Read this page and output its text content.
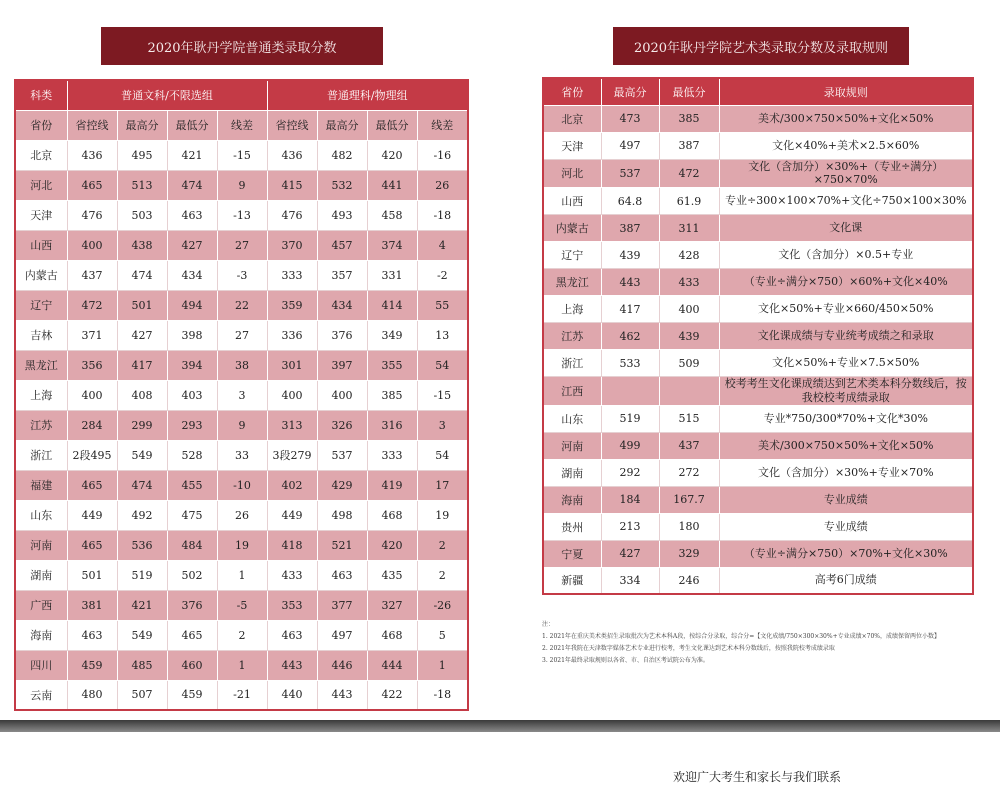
2020年耿丹学院普通类录取分数	2020年耿丹学院艺术类录取分数及录取规则
科类	普通文科/不限选组				普通理科/物理组			
省份	省控线	最高分	最低分	线差	省控线	最高分	最低分	线差
北京	436	495	421	-15	436	482	420	-16
河北	465	513	474	9	415	532	441	26
天津	476	503	463	-13	476	493	458	-18
山西	400	438	427	27	370	457	374	4
内蒙古	437	474	434	-3	333	357	331	-2
辽宁	472	501	494	22	359	434	414	55
吉林	371	427	398	27	336	376	349	13
黑龙江	356	417	394	38	301	397	355	54
上海	400	408	403	3	400	400	385	-15
江苏	284	299	293	9	313	326	316	3
浙江	2段495	549	528	33	3段279	537	333	54
福建	465	474	455	-10	402	429	419	17
山东	449	492	475	26	449	498	468	19
河南	465	536	484	19	418	521	420	2
湖南	501	519	502	1	433	463	435	2
广西	381	421	376	-5	353	377	327	-26
海南	463	549	465	2	463	497	468	5
四川	459	485	460	1	443	446	444	1
云南	480	507	459	-21	440	443	422	-18
省份	最高分	最低分	录取规则
北京	473	385	美术/300×750×50%+文化×50%
天津	497	387	文化×40%+美术×2.5×60%
河北	537	472	文化（含加分）×30%+（专业÷满分）×750×70%
山西	64.8	61.9	专业÷300×100×70%+文化÷750×100×30%
内蒙古	387	311	文化课
辽宁	439	428	文化（含加分）×0.5+专业
黑龙江	443	433	（专业÷满分×750）×60%+文化×40%
上海	417	400	文化×50%+专业×660/450×50%
江苏	462	439	文化课成绩与专业统考成绩之和录取
浙江	533	509	文化×50%+专业×7.5×50%
江西			校考考生文化课成绩达到艺术类本科分数线后，按我校校考成绩录取
山东	519	515	专业*750/300*70%+文化*30%
河南	499	437	美术/300×750×50%+文化×50%
湖南	292	272	文化（含加分）×30%+专业×70%
海南	184	167.7	专业成绩
贵州	213	180	专业成绩
宁夏	427	329	（专业÷满分×750）×70%+文化×30%
新疆	334	246	高考6门成绩
注：
1. 2021年在重庆美术类招生录取批次为艺术本科A段，按综合分录取，综合分=【文化成绩/750×300×30%+专业成绩×70%，成绩保留两位小数】
2. 2021年我院在天津数字媒体艺术专业进行校考，考生文化课达到艺术本科分数线后，按照我院校考成绩录取
3. 2021年最终录取规则以各省、市、自治区考试院公布为准。
欢迎广大考生和家长与我们联系
